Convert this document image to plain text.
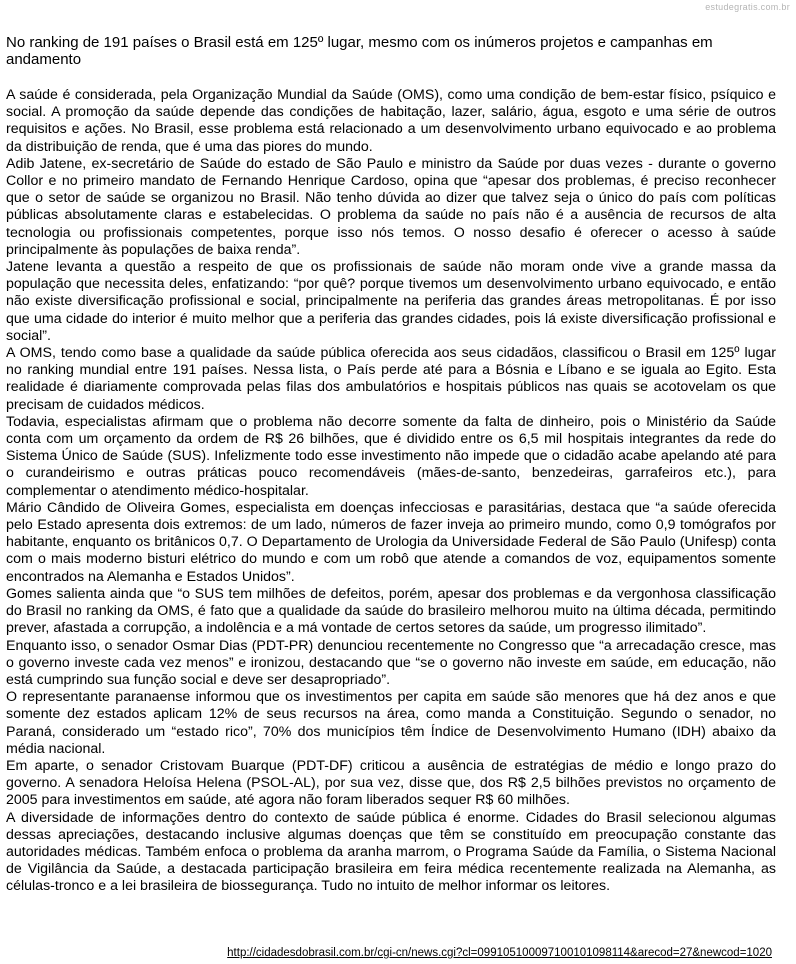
estudegratis.com.br
No ranking de 191 países o Brasil está em 125º lugar, mesmo com os inúmeros projetos e campanhas em andamento

A saúde é considerada, pela Organização Mundial da Saúde (OMS), como uma condição de bem-estar físico, psíquico e social. A promoção da saúde depende das condições de habitação, lazer, salário, água, esgoto e uma série de outros requisitos e ações. No Brasil, esse problema está relacionado a um desenvolvimento urbano equivocado e ao problema da distribuição de renda, que é uma das piores do mundo.

Adib Jatene, ex-secretário de Saúde do estado de São Paulo e ministro da Saúde por duas vezes - durante o governo Collor e no primeiro mandato de Fernando Henrique Cardoso, opina que “apesar dos problemas, é preciso reconhecer que o setor de saúde se organizou no Brasil. Não tenho dúvida ao dizer que talvez seja o único do país com políticas públicas absolutamente claras e estabelecidas. O problema da saúde no país não é a ausência de recursos de alta tecnologia ou profissionais competentes, porque isso nós temos. O nosso desafio é oferecer o acesso à saúde principalmente às populações de baixa renda”.

Jatene levanta a questão a respeito de que os profissionais de saúde não moram onde vive a grande massa da população que necessita deles, enfatizando: “por quê? porque tivemos um desenvolvimento urbano equivocado, e então não existe diversificação profissional e social, principalmente na periferia das grandes áreas metropolitanas. É por isso que uma cidade do interior é muito melhor que a periferia das grandes cidades, pois lá existe diversificação profissional e social”.

A OMS, tendo como base a qualidade da saúde pública oferecida aos seus cidadãos, classificou o Brasil em 125º lugar no ranking mundial entre 191 países. Nessa lista, o País perde até para a Bósnia e Líbano e se iguala ao Egito. Esta realidade é diariamente comprovada pelas filas dos ambulatórios e hospitais públicos nas quais se acotovelam os que precisam de cuidados médicos.

Todavia, especialistas afirmam que o problema não decorre somente da falta de dinheiro, pois o Ministério da Saúde conta com um orçamento da ordem de R$ 26 bilhões, que é dividido entre os 6,5 mil hospitais integrantes da rede do Sistema Único de Saúde (SUS). Infelizmente todo esse investimento não impede que o cidadão acabe apelando até para o curandeirismo e outras práticas pouco recomendáveis (mães-de-santo, benzedeiras, garrafeiros etc.), para complementar o atendimento médico-hospitalar.

Mário Cândido de Oliveira Gomes, especialista em doenças infecciosas e parasitárias, destaca que “a saúde oferecida pelo Estado apresenta dois extremos: de um lado, números de fazer inveja ao primeiro mundo, como 0,9 tomógrafos por habitante, enquanto os britânicos 0,7. O Departamento de Urologia da Universidade Federal de São Paulo (Unifesp) conta com o mais moderno bisturi elétrico do mundo e com um robô que atende a comandos de voz, equipamentos somente encontrados na Alemanha e Estados Unidos”.

Gomes salienta ainda que “o SUS tem milhões de defeitos, porém, apesar dos problemas e da vergonhosa classificação do Brasil no ranking da OMS, é fato que a qualidade da saúde do brasileiro melhorou muito na última década, permitindo prever, afastada a corrupção, a indolência e a má vontade de certos setores da saúde, um progresso ilimitado”.

Enquanto isso, o senador Osmar Dias (PDT-PR) denunciou recentemente no Congresso que “a arrecadação cresce, mas o governo investe cada vez menos” e ironizou, destacando que “se o governo não investe em saúde, em educação, não está cumprindo sua função social e deve ser desapropriado”.

O representante paranaense informou que os investimentos per capita em saúde são menores que há dez anos e que somente dez estados aplicam 12% de seus recursos na área, como manda a Constituição. Segundo o senador, no Paraná, considerado um “estado rico”, 70% dos municípios têm Índice de Desenvolvimento Humano (IDH) abaixo da média nacional.

Em aparte, o senador Cristovam Buarque (PDT-DF) criticou a ausência de estratégias de médio e longo prazo do governo. A senadora Heloísa Helena (PSOL-AL), por sua vez, disse que, dos R$ 2,5 bilhões previstos no orçamento de 2005 para investimentos em saúde, até agora não foram liberados sequer R$ 60 milhões.

A diversidade de informações dentro do contexto de saúde pública é enorme. Cidades do Brasil selecionou algumas dessas apreciações, destacando inclusive algumas doenças que têm se constituído em preocupação constante das autoridades médicas. Também enfoca o problema da aranha marrom, o Programa Saúde da Família, o Sistema Nacional de Vigilância da Saúde, a destacada participação brasileira em feira médica recentemente realizada na Alemanha, as células-tronco e a lei brasileira de biossegurança. Tudo no intuito de melhor informar os leitores.

http://cidadesdobrasil.com.br/cgi-cn/news.cgi?cl=099105100097100101098114&arecod=27&newcod=1020
